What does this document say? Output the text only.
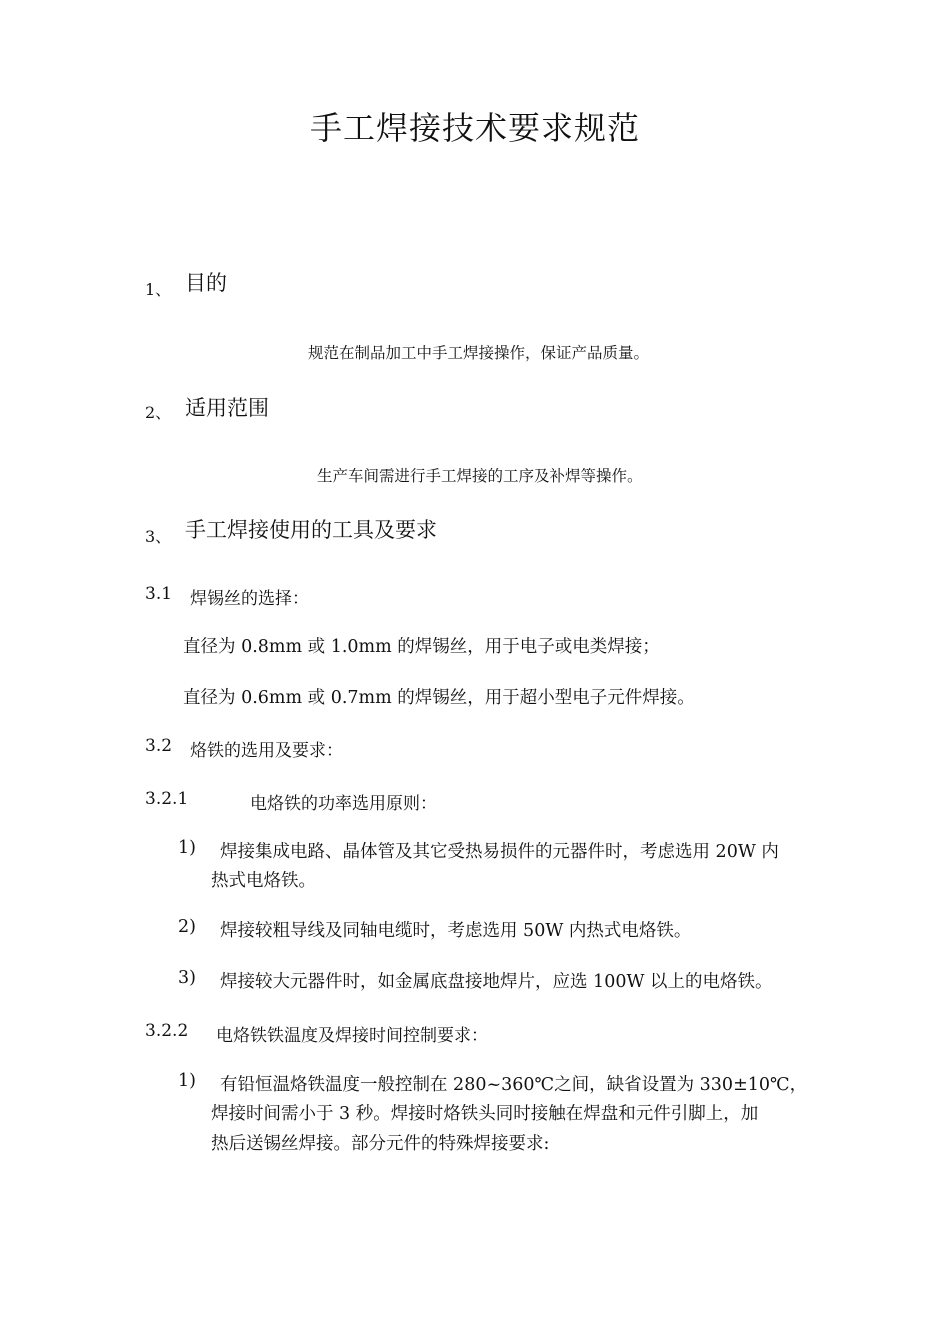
手工焊接技术要求规范
1、 目的
规范在制品加工中手工焊接操作，保证产品质量。
2、 适用范围
生产车间需进行手工焊接的工序及补焊等操作。
3、 手工焊接使用的工具及要求
3.1 焊锡丝的选择：
直径为 0.8mm 或 1.0mm 的焊锡丝，用于电子或电类焊接；
直径为 0.6mm 或 0.7mm 的焊锡丝，用于超小型电子元件焊接。
3.2 烙铁的选用及要求：
3.2.1	电烙铁的功率选用原则：
1) 焊接集成电路、晶体管及其它受热易损件的元器件时，考虑选用 20W 内
热式电烙铁。
2) 焊接较粗导线及同轴电缆时，考虑选用 50W 内热式电烙铁。
3) 焊接较大元器件时，如金属底盘接地焊片，应选 100W 以上的电烙铁。
3.2.2 电烙铁铁温度及焊接时间控制要求：
1) 有铅恒温烙铁温度一般控制在 280~360℃之间，缺省设置为 330±10℃，
焊接时间需小于 3 秒。焊接时烙铁头同时接触在焊盘和元件引脚上，加
热后送锡丝焊接。部分元件的特殊焊接要求:
